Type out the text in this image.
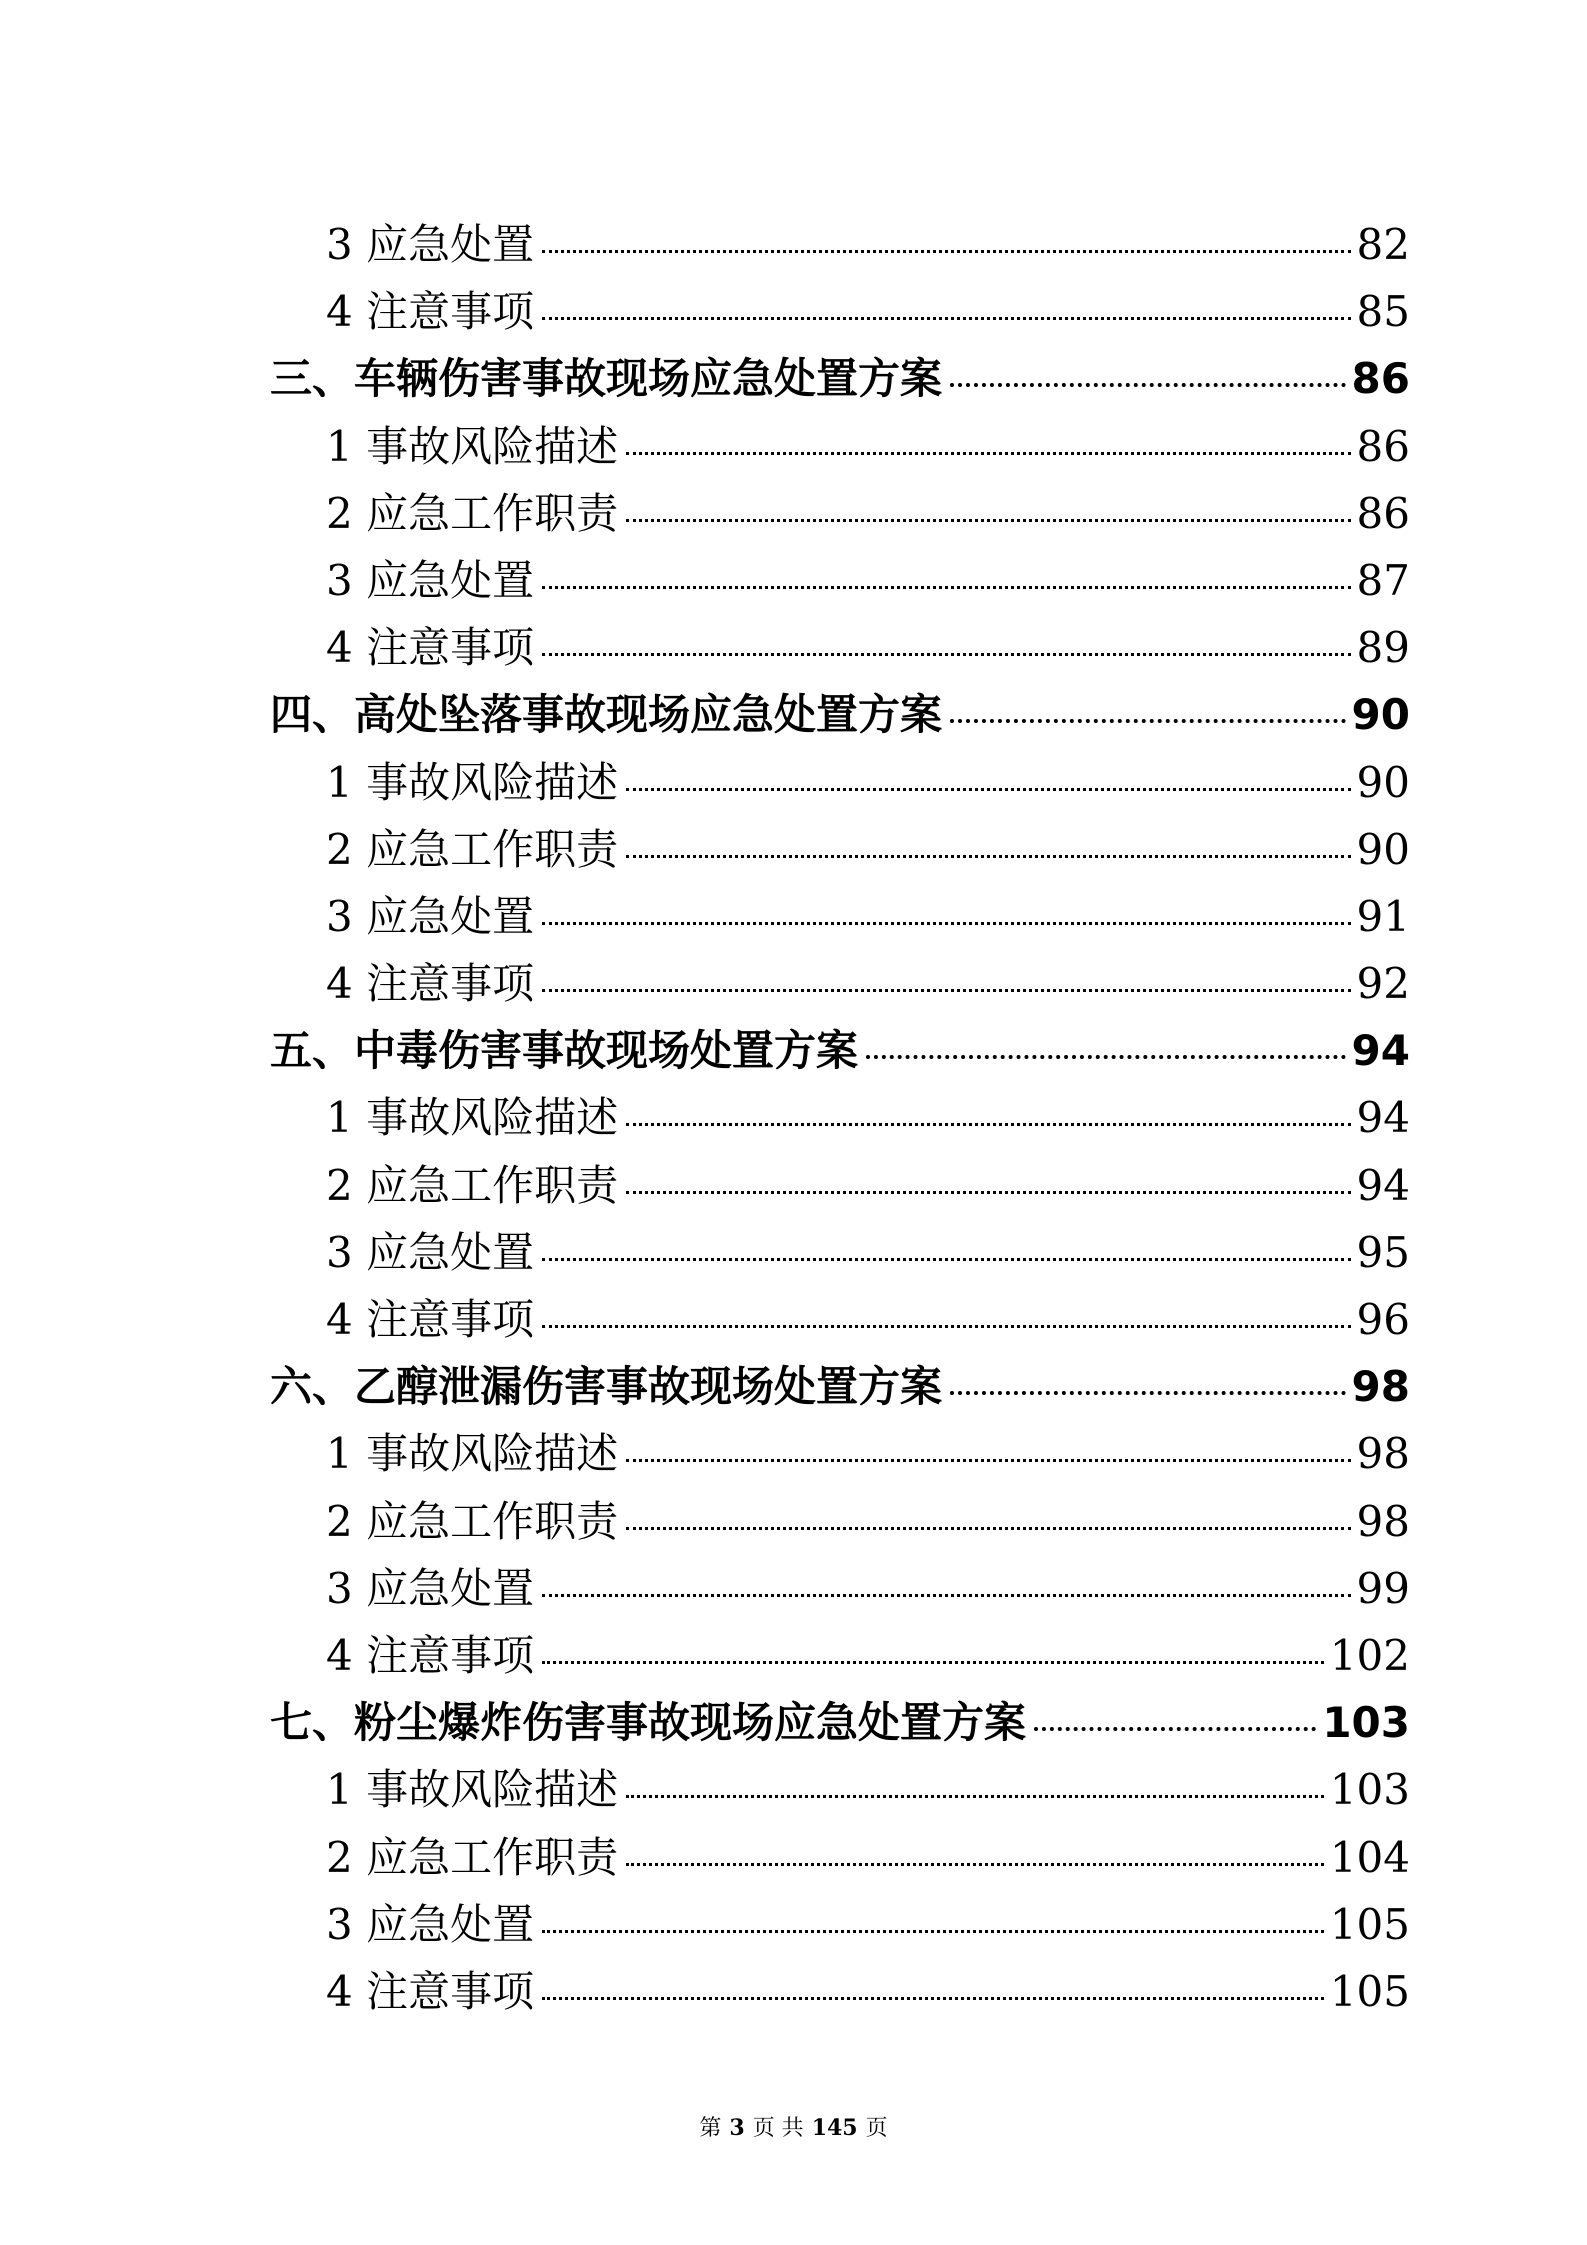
3 应急处置	82
4 注意事项	85
三、车辆伤害事故现场应急处置方案	86
1 事故风险描述	86
2 应急工作职责	86
3 应急处置	87
4 注意事项	89
四、高处坠落事故现场应急处置方案	90
1 事故风险描述	90
2 应急工作职责	90
3 应急处置	91
4 注意事项	92
五、中毒伤害事故现场处置方案	94
1 事故风险描述	94
2 应急工作职责	94
3 应急处置	95
4 注意事项	96
六、乙醇泄漏伤害事故现场处置方案	98
1 事故风险描述	98
2 应急工作职责	98
3 应急处置	99
4 注意事项	102
七、粉尘爆炸伤害事故现场应急处置方案	103
1 事故风险描述	103
2 应急工作职责	104
3 应急处置	105
4 注意事项	105
第 3 页 共 145 页
